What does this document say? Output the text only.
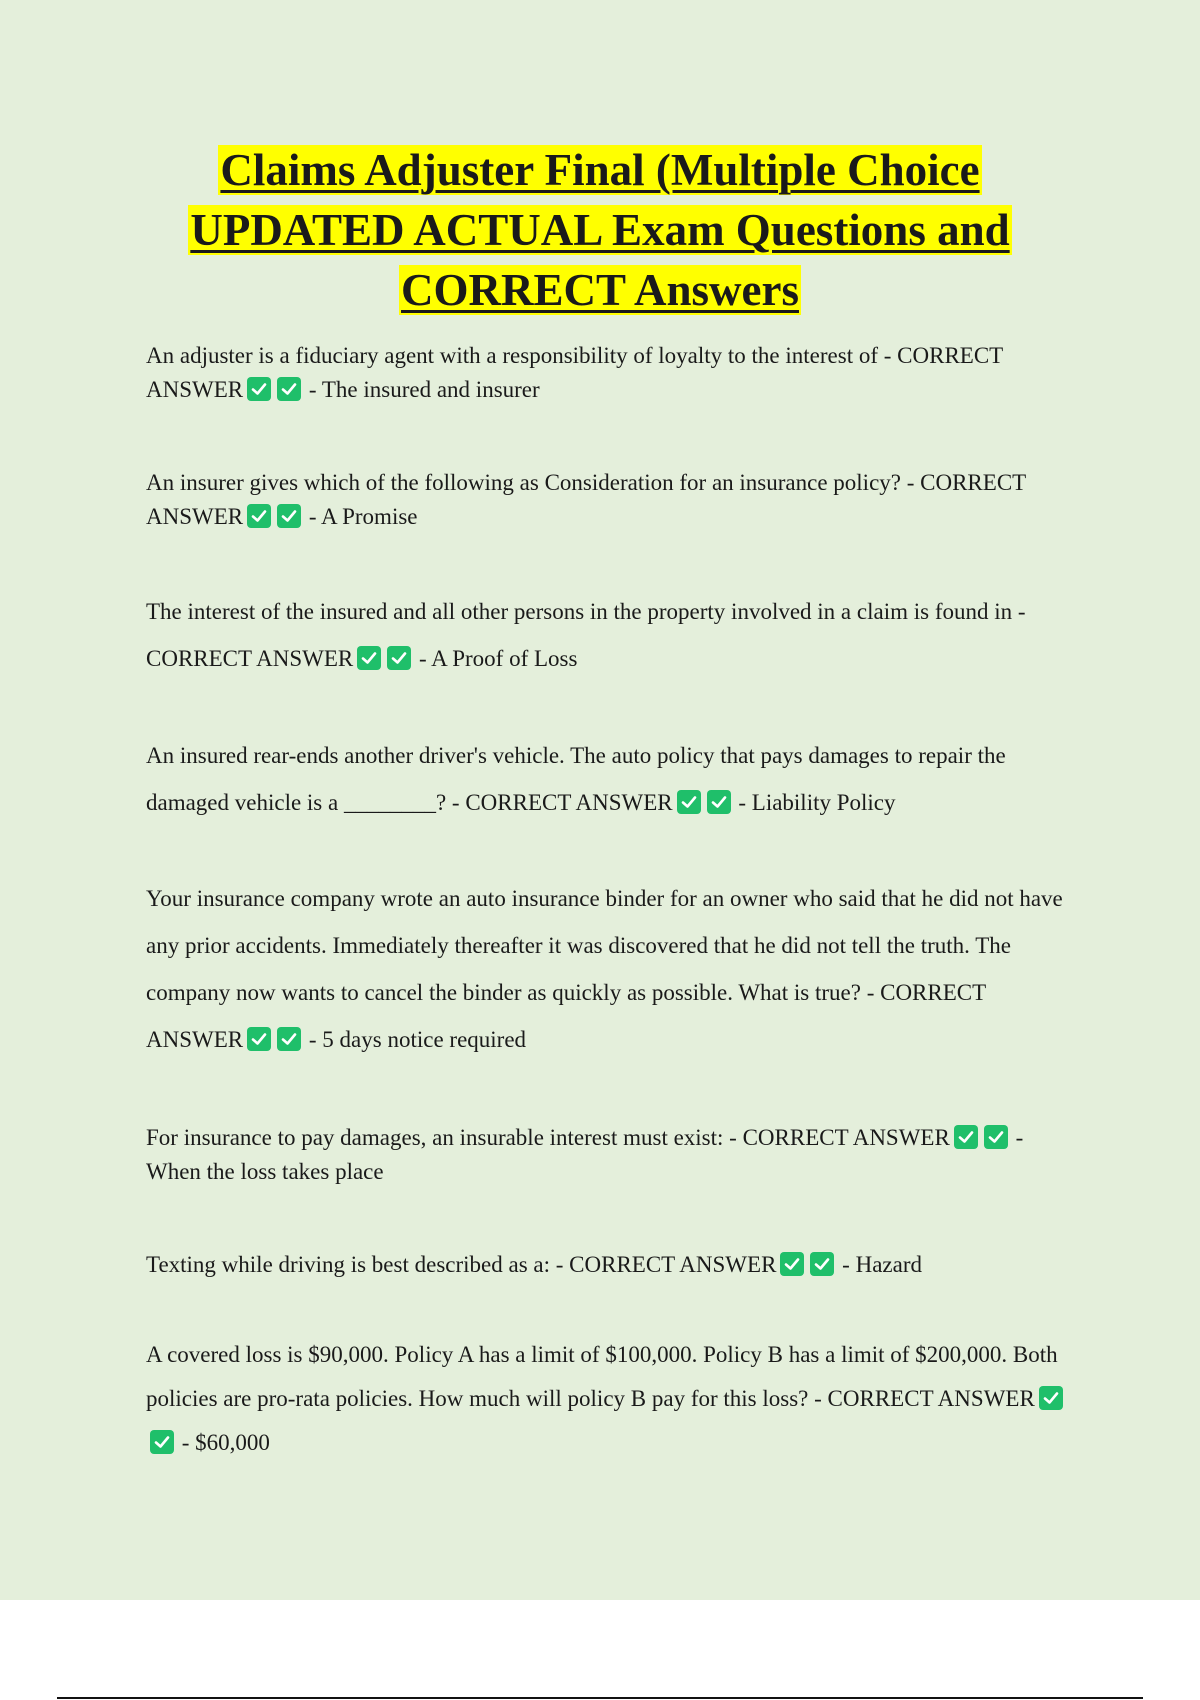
Claims Adjuster Final (Multiple Choice
UPDATED ACTUAL Exam Questions and
CORRECT Answers

An adjuster is a fiduciary agent with a responsibility of loyalty to the interest of - CORRECT ANSWER	- The insured and insurer

An insurer gives which of the following as Consideration for an insurance policy? - CORRECT ANSWER	- A Promise

The interest of the insured and all other persons in the property involved in a claim is found in - CORRECT ANSWER	- A Proof of Loss

An insured rear-ends another driver's vehicle. The auto policy that pays damages to repair the damaged vehicle is a ________? - CORRECT ANSWER	- Liability Policy

Your insurance company wrote an auto insurance binder for an owner who said that he did not have any prior accidents. Immediately thereafter it was discovered that he did not tell the truth. The company now wants to cancel the binder as quickly as possible. What is true? - CORRECT ANSWER	- 5 days notice required

For insurance to pay damages, an insurable interest must exist: - CORRECT ANSWER	- When the loss takes place

Texting while driving is best described as a: - CORRECT ANSWER	- Hazard

A covered loss is $90,000. Policy A has a limit of $100,000. Policy B has a limit of $200,000. Both policies are pro-rata policies. How much will policy B pay for this loss? - CORRECT ANSWER
- $60,000
